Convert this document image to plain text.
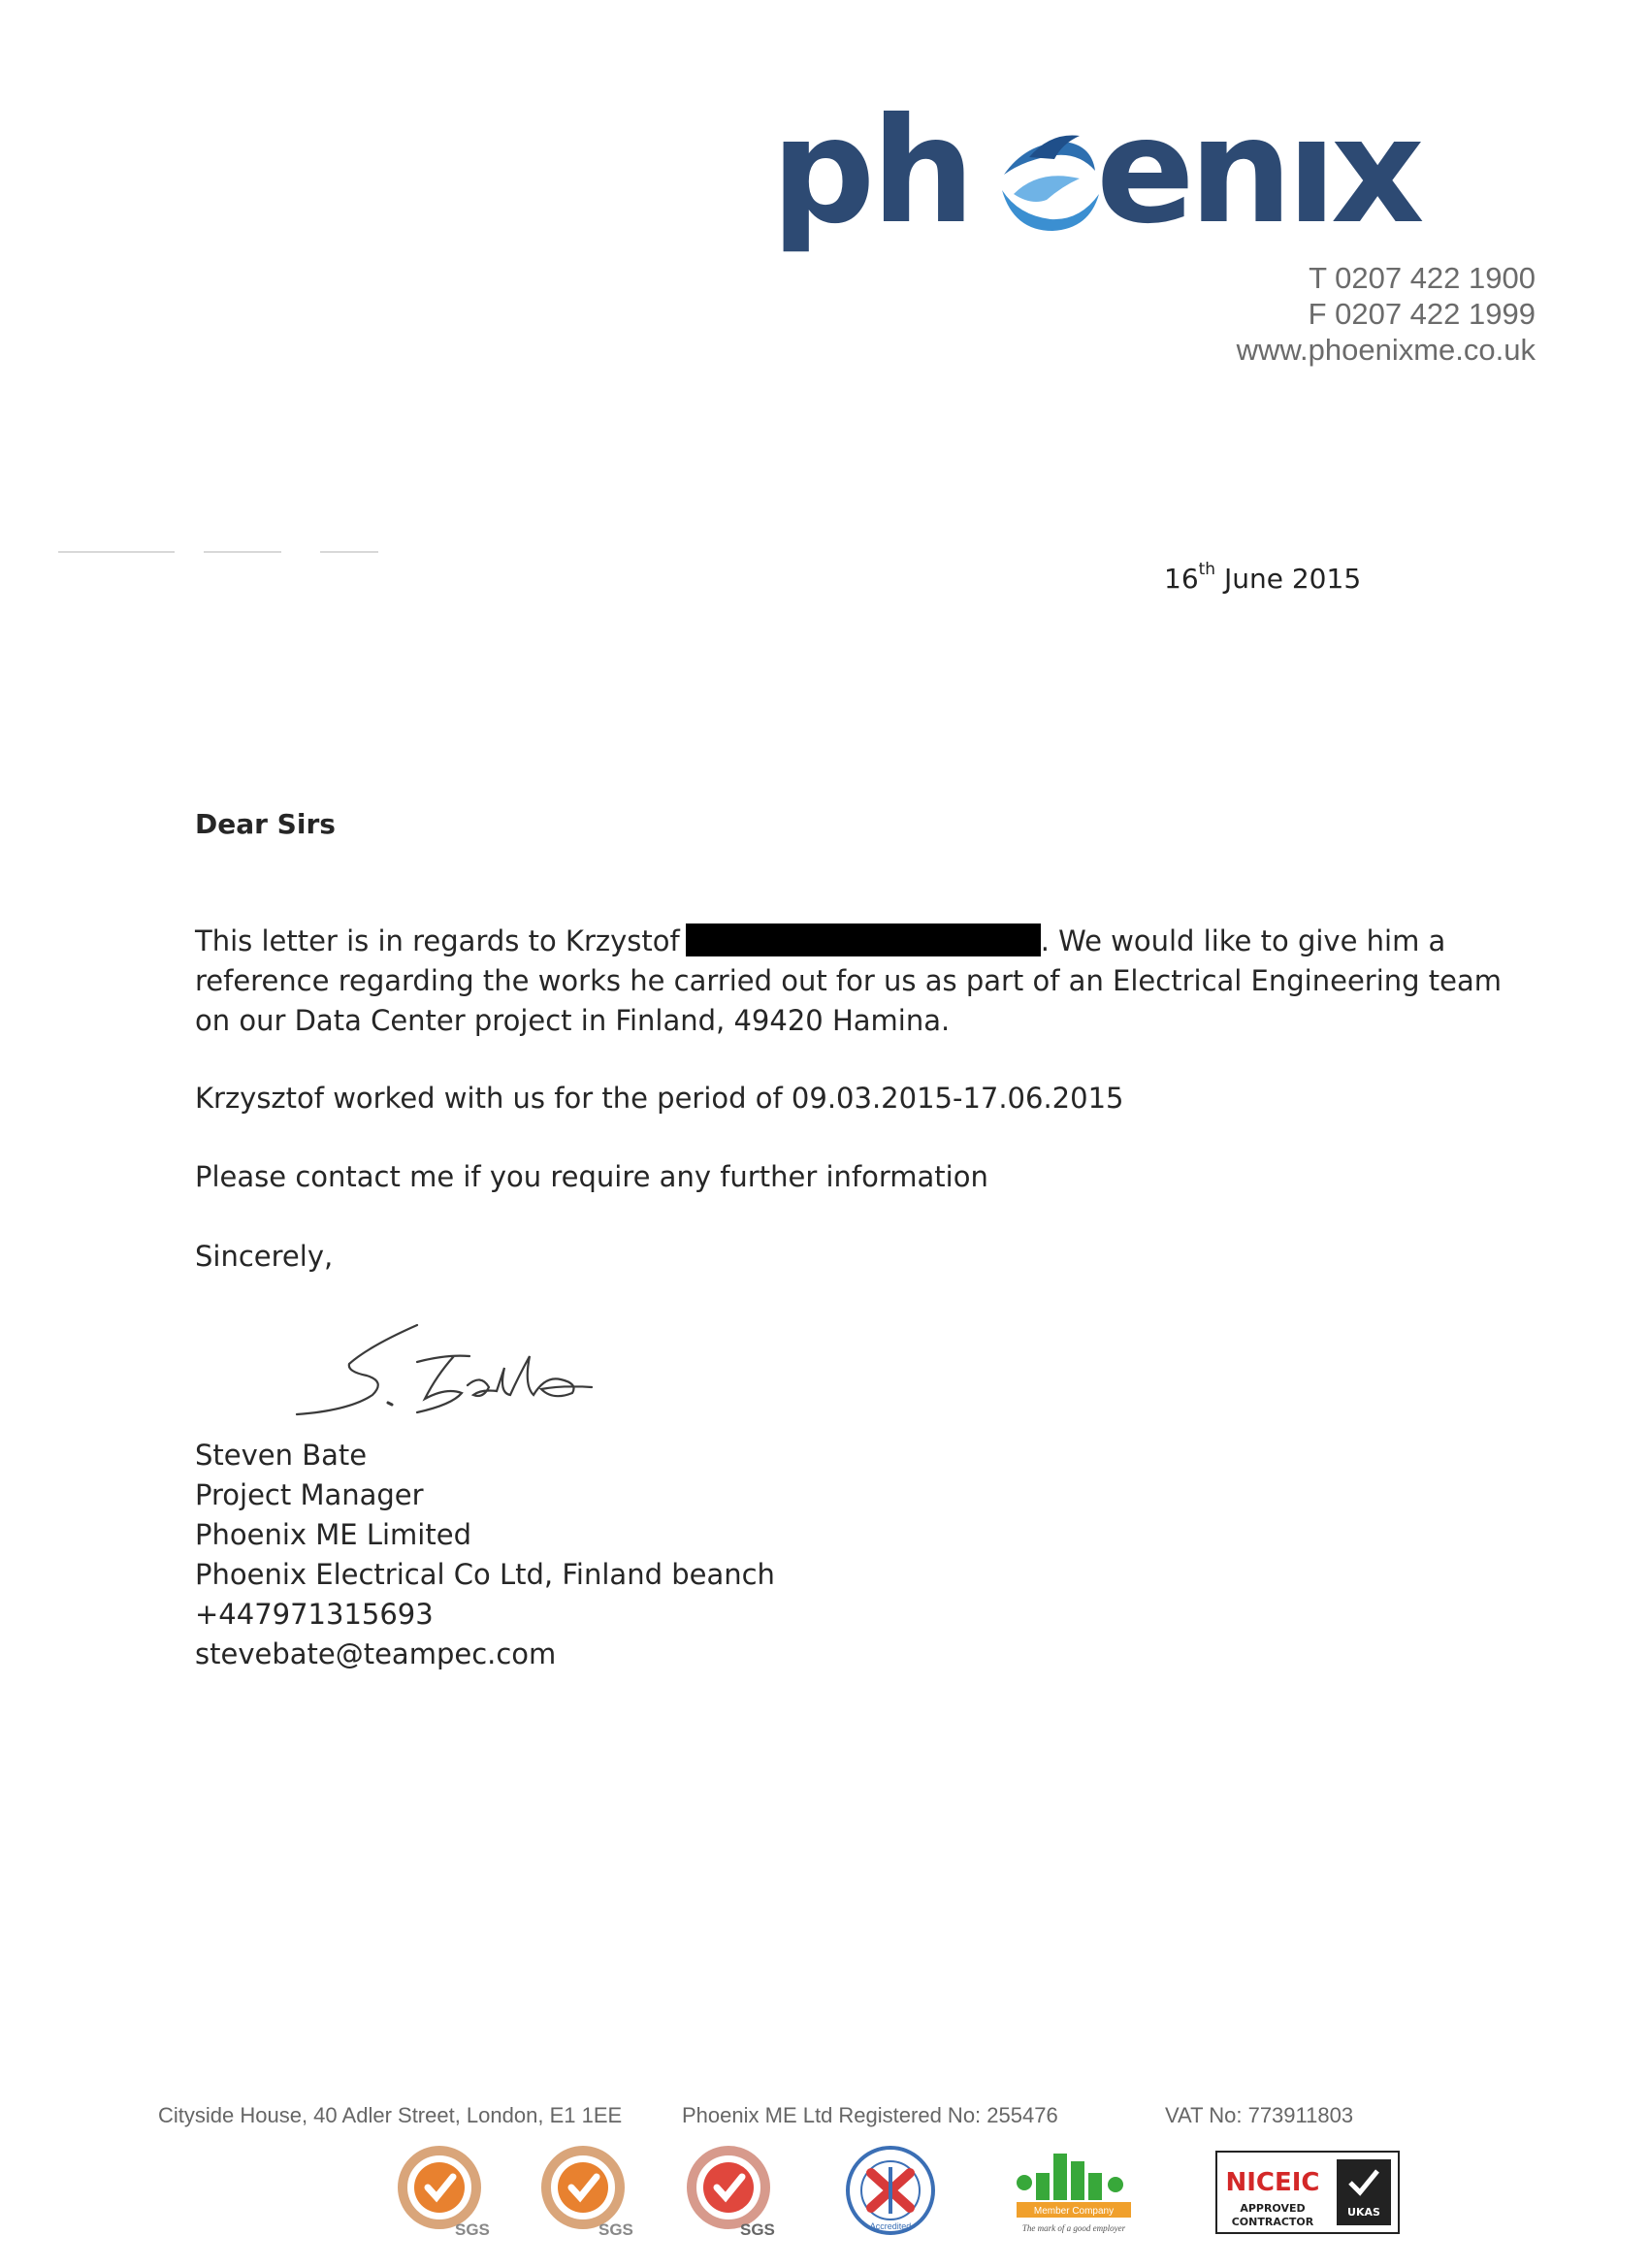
ph enıx
T 0207 422 1900
F 0207 422 1999
www.phoenixme.co.uk
16th June 2015
Dear Sirs
This letter is in regards to Krzystof	. We would like to give him a
reference regarding the works he carried out for us as part of an Electrical Engineering team
on our Data Center project in Finland, 49420 Hamina.
Krzysztof worked with us for the period of 09.03.2015-17.06.2015
Please contact me if you require any further information
Sincerely,
Steven Bate
Project Manager
Phoenix ME Limited
Phoenix Electrical Co Ltd, Finland beanch
+447971315693
stevebate@teampec.com
Cityside House, 40 Adler Street, London, E1 1EE	Phoenix ME Ltd Registered No: 255476	VAT No: 773911803
SGS	SGS	SGS	Accredited
Member Company
The mark of a good employer
NICEIC
APPROVED
CONTRACTOR
UKAS
